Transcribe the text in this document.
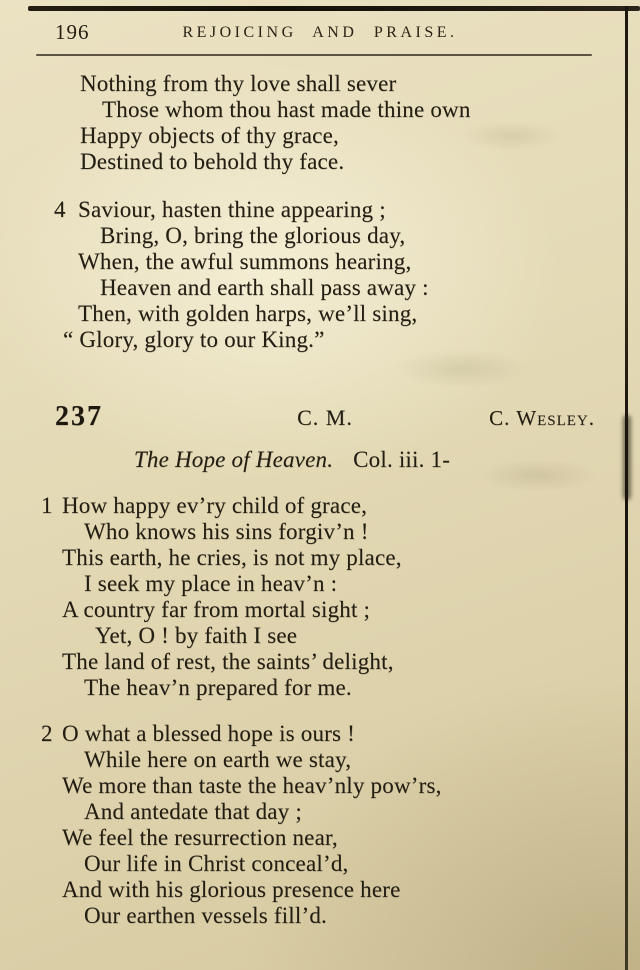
196	REJOICING AND PRAISE.
Nothing from thy love shall sever
Those whom thou hast made thine own
Happy objects of thy grace,
Destined to behold thy face.
4 Saviour, hasten thine appearing ;
Bring, O, bring the glorious day,
When, the awful summons hearing,
Heaven and earth shall pass away :
Then, with golden harps, we’ll sing,
“ Glory, glory to our King.”
237	C. M.	C. Wesley.
The Hope of Heaven. Col. iii. 1-
1 How happy ev’ry child of grace,
Who knows his sins forgiv’n !
This earth, he cries, is not my place,
I seek my place in heav’n :
A country far from mortal sight ;
Yet, O ! by faith I see
The land of rest, the saints’ delight,
The heav’n prepared for me.
2 O what a blessed hope is ours !
While here on earth we stay,
We more than taste the heav’nly pow’rs,
And antedate that day ;
We feel the resurrection near,
Our life in Christ conceal’d,
And with his glorious presence here
Our earthen vessels fill’d.
